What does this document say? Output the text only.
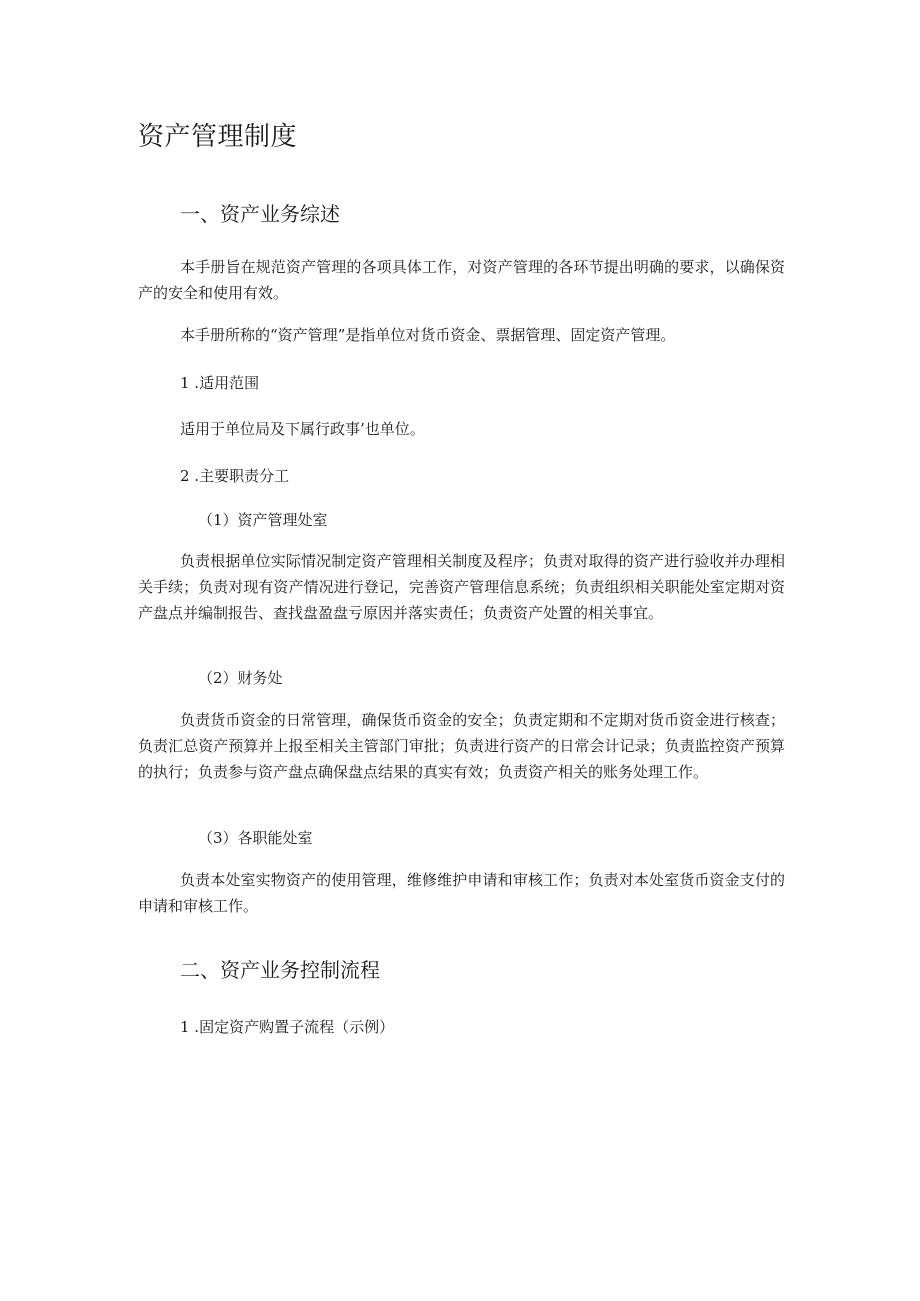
资产管理制度
一、资产业务综述

本手册旨在规范资产管理的各项具体工作，对资产管理的各环节提出明确的要求，以确保资产的安全和使用有效。

本手册所称的“资产管理”是指单位对货币资金、票据管理、固定资产管理。

1 .适用范围

适用于单位局及下属行政事’也单位。

2 .主要职责分工

（1）资产管理处室

负责根据单位实际情况制定资产管理相关制度及程序；负责对取得的资产进行验收并办理相关手续；负责对现有资产情况进行登记，完善资产管理信息系统；负责组织相关职能处室定期对资产盘点并编制报告、查找盘盈盘亏原因并落实责任；负责资产处置的相关事宜。

（2）财务处

负责货币资金的日常管理，确保货币资金的安全；负责定期和不定期对货币资金进行核查；负责汇总资产预算并上报至相关主管部门审批；负责进行资产的日常会计记录；负责监控资产预算的执行；负责参与资产盘点确保盘点结果的真实有效；负责资产相关的账务处理工作。

（3）各职能处室

负责本处室实物资产的使用管理，维修维护申请和审核工作；负责对本处室货币资金支付的申请和审核工作。

二、资产业务控制流程

1 .固定资产购置子流程（示例）
